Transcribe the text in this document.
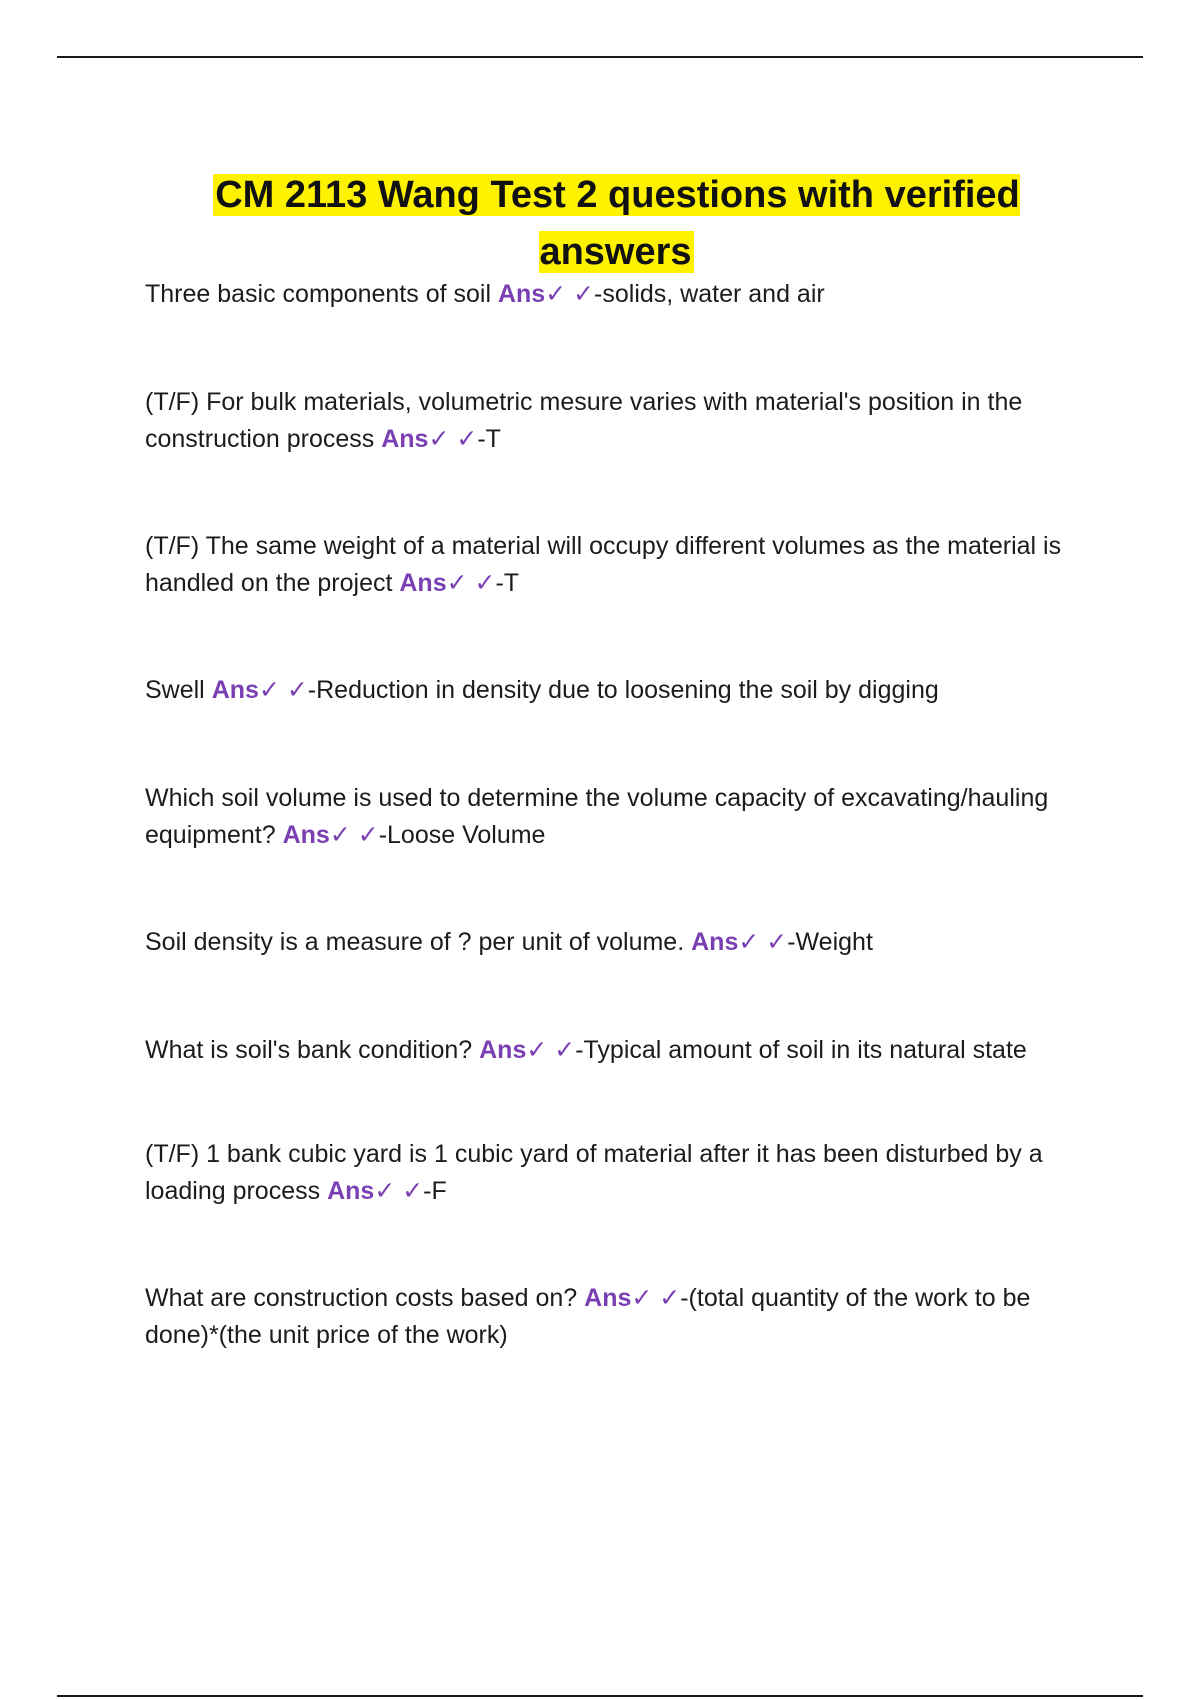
CM 2113 Wang Test 2 questions with verified answers

Three basic components of soil Ans✓ ✓-solids, water and air

(T/F) For bulk materials, volumetric mesure varies with material's position in the construction process Ans✓ ✓-T

(T/F) The same weight of a material will occupy different volumes as the material is handled on the project Ans✓ ✓-T

Swell Ans✓ ✓-Reduction in density due to loosening the soil by digging

Which soil volume is used to determine the volume capacity of excavating/hauling equipment? Ans✓ ✓-Loose Volume

Soil density is a measure of ? per unit of volume. Ans✓ ✓-Weight

What is soil's bank condition? Ans✓ ✓-Typical amount of soil in its natural state

(T/F) 1 bank cubic yard is 1 cubic yard of material after it has been disturbed by a loading process Ans✓ ✓-F

What are construction costs based on? Ans✓ ✓-(total quantity of the work to be done)*(the unit price of the work)
